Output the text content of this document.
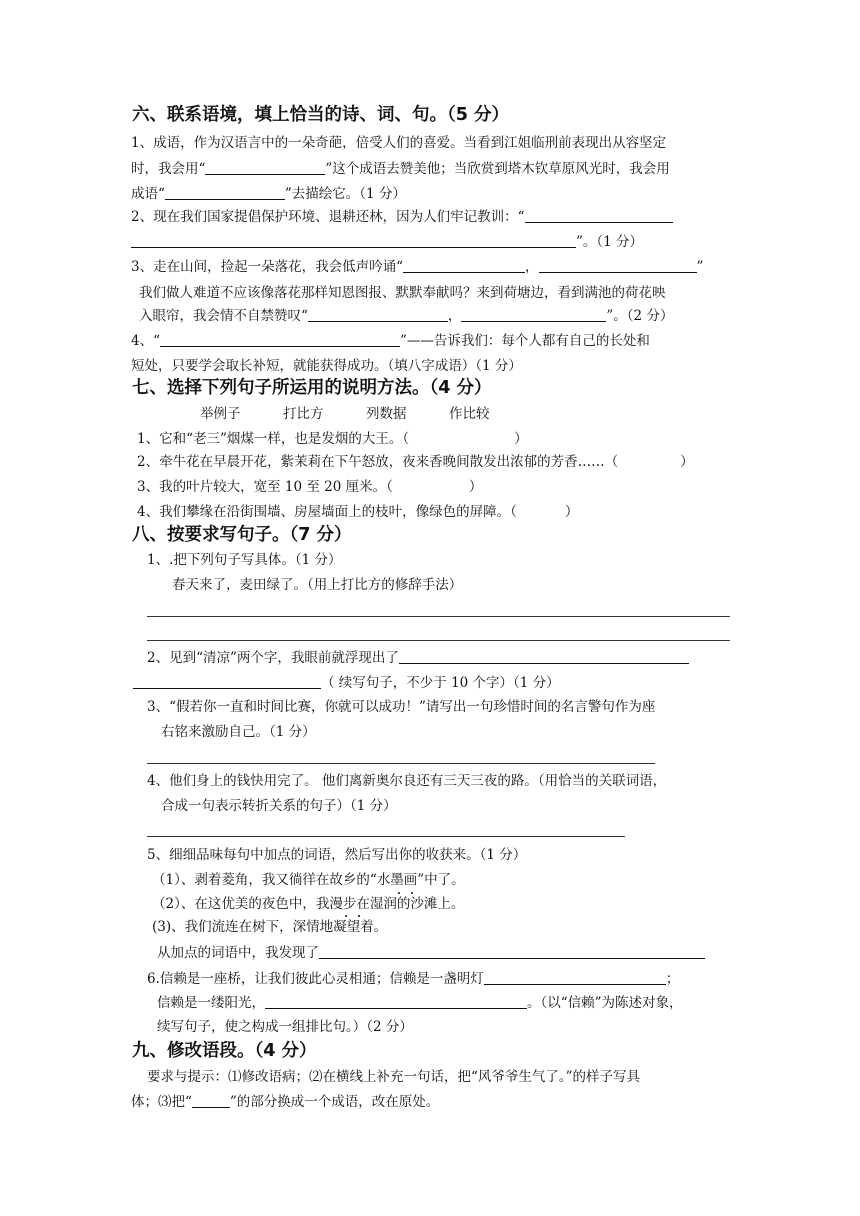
六、联系语境，填上恰当的诗、词、句。（5 分）
1、成语，作为汉语言中的一朵奇葩，倍受人们的喜爱。当看到江姐临刑前表现出从容坚定
时，我会用“	”这个成语去赞美他；当欣赏到塔木钦草原风光时，我会用
成语“	”去描绘它。（1 分）
2、现在我们国家提倡保护环境、退耕还林，因为人们牢记教训：“
”。（1 分）
3、走在山间，捡起一朵落花，我会低声吟诵“	，	”
我们做人难道不应该像落花那样知恩图报、默默奉献吗？来到荷塘边，看到满池的荷花映
入眼帘，我会情不自禁赞叹“	，	”。（2 分）
4、“	”——告诉我们：每个人都有自己的长处和
短处，只要学会取长补短，就能获得成功。（填八字成语）（1 分）
七、选择下列句子所运用的说明方法。（4 分）
举例子	打比方	列数据	作比较
1、它和“老三”烟煤一样，也是发烟的大王。（	）
2、牵牛花在早晨开花，紫茉莉在下午怒放，夜来香晚间散发出浓郁的芳香……（	）
3、我的叶片较大，宽至 10 至 20 厘米。（	）
4、我们攀缘在沿街围墙、房屋墙面上的枝叶，像绿色的屏障。（	）
八、按要求写句子。（7 分）
1、.把下列句子写具体。（1 分）
春天来了，麦田绿了。（用上打比方的修辞手法）
2、见到“清凉”两个字，我眼前就浮现出了
（ 续写句子，不少于 10 个字）（1 分）
3、“假若你一直和时间比赛，你就可以成功！”请写出一句珍惜时间的名言警句作为座
右铭来激励自己。（1 分）
4、他们身上的钱快用完了。 他们离新奥尔良还有三天三夜的路。（用恰当的关联词语，
合成一句表示转折关系的句子）（1 分）
5、细细品味每句中加点的词语，然后写出你的收获来。（1 分）
（1）、剥着菱角，我又徜徉在故乡的“水墨画”中了。
（2）、在这优美的夜色中，我漫步在湿润的沙滩上。
(3)、我们流连在树下，深情地凝望着。
从加点的词语中，我发现了
6.信赖是一座桥，让我们彼此心灵相通；信赖是一盏明灯	；
信赖是一缕阳光，	。（以“信赖”为陈述对象，
续写句子，使之构成一组排比句。）（2 分）
九、修改语段。（4 分）
要求与提示：⑴修改语病；⑵在横线上补充一句话，把“风爷爷生气了。”的样子写具
体；⑶把“	”的部分换成一个成语，改在原处。
